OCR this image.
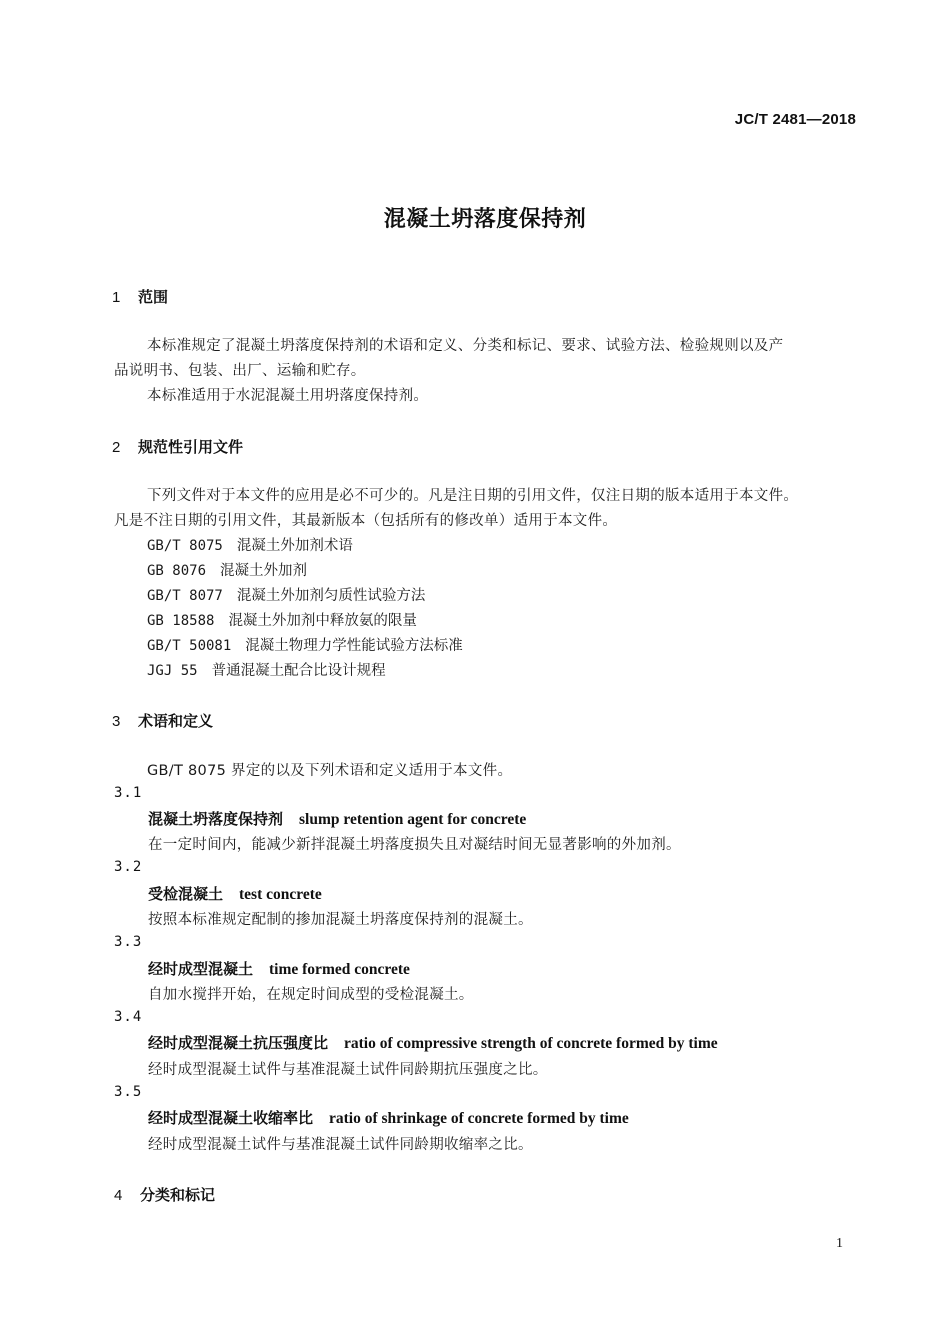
JC/T 2481—2018
混凝土坍落度保持剂
1 范围
本标准规定了混凝土坍落度保持剂的术语和定义、分类和标记、要求、试验方法、检验规则以及产
品说明书、包装、出厂、运输和贮存。
本标准适用于水泥混凝土用坍落度保持剂。
2 规范性引用文件
下列文件对于本文件的应用是必不可少的。凡是注日期的引用文件，仅注日期的版本适用于本文件。
凡是不注日期的引用文件，其最新版本（包括所有的修改单）适用于本文件。
GB/T 8075 混凝土外加剂术语
GB 8076 混凝土外加剂
GB/T 8077 混凝土外加剂匀质性试验方法
GB 18588 混凝土外加剂中释放氨的限量
GB/T 50081 混凝土物理力学性能试验方法标准
JGJ 55 普通混凝土配合比设计规程
3 术语和定义
GB/T 8075 界定的以及下列术语和定义适用于本文件。
3.1
混凝土坍落度保持剂 slump retention agent for concrete
在一定时间内，能减少新拌混凝土坍落度损失且对凝结时间无显著影响的外加剂。
3.2
受检混凝土 test concrete
按照本标准规定配制的掺加混凝土坍落度保持剂的混凝土。
3.3
经时成型混凝土 time formed concrete
自加水搅拌开始，在规定时间成型的受检混凝土。
3.4
经时成型混凝土抗压强度比 ratio of compressive strength of concrete formed by time
经时成型混凝土试件与基准混凝土试件同龄期抗压强度之比。
3.5
经时成型混凝土收缩率比 ratio of shrinkage of concrete formed by time
经时成型混凝土试件与基准混凝土试件同龄期收缩率之比。
4 分类和标记
1
